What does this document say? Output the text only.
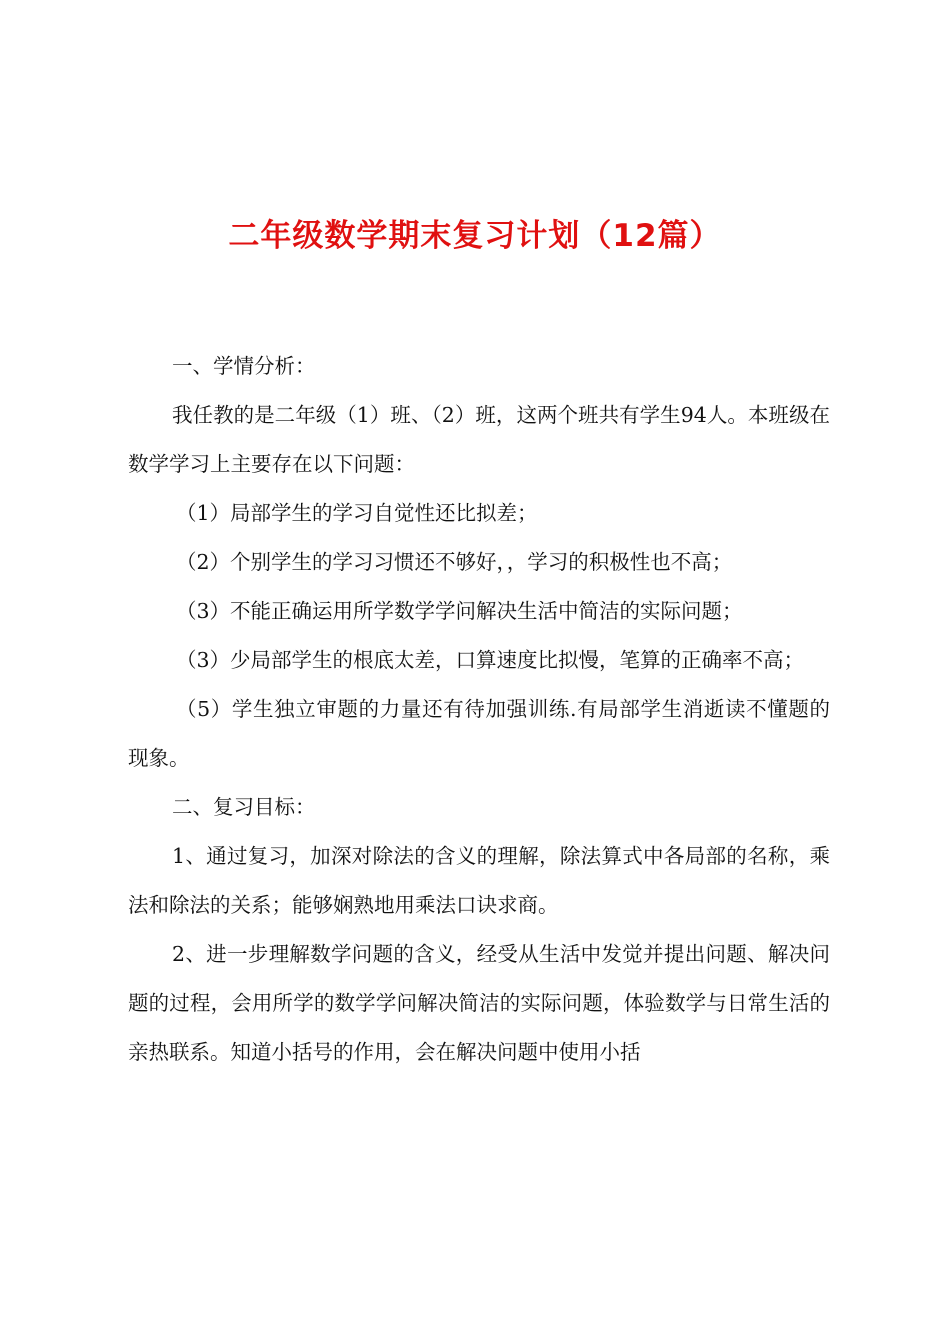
二年级数学期末复习计划（12篇）

一、学情分析：

我任教的是二年级（1）班、（2）班，这两个班共有学生94人。本班级在数学学习上主要存在以下问题：

（1）局部学生的学习自觉性还比拟差；

（2）个别学生的学习习惯还不够好，，学习的积极性也不高；

（3）不能正确运用所学数学学问解决生活中简洁的实际问题；

（3）少局部学生的根底太差，口算速度比拟慢，笔算的正确率不高；

（5）学生独立审题的力量还有待加强训练.有局部学生消逝读不懂题的现象。

二、复习目标：

1、通过复习，加深对除法的含义的理解，除法算式中各局部的名称，乘法和除法的关系；能够娴熟地用乘法口诀求商。

2、进一步理解数学问题的含义，经受从生活中发觉并提出问题、解决问题的过程，会用所学的数学学问解决简洁的实际问题，体验数学与日常生活的亲热联系。知道小括号的作用，会在解决问题中使用小括
